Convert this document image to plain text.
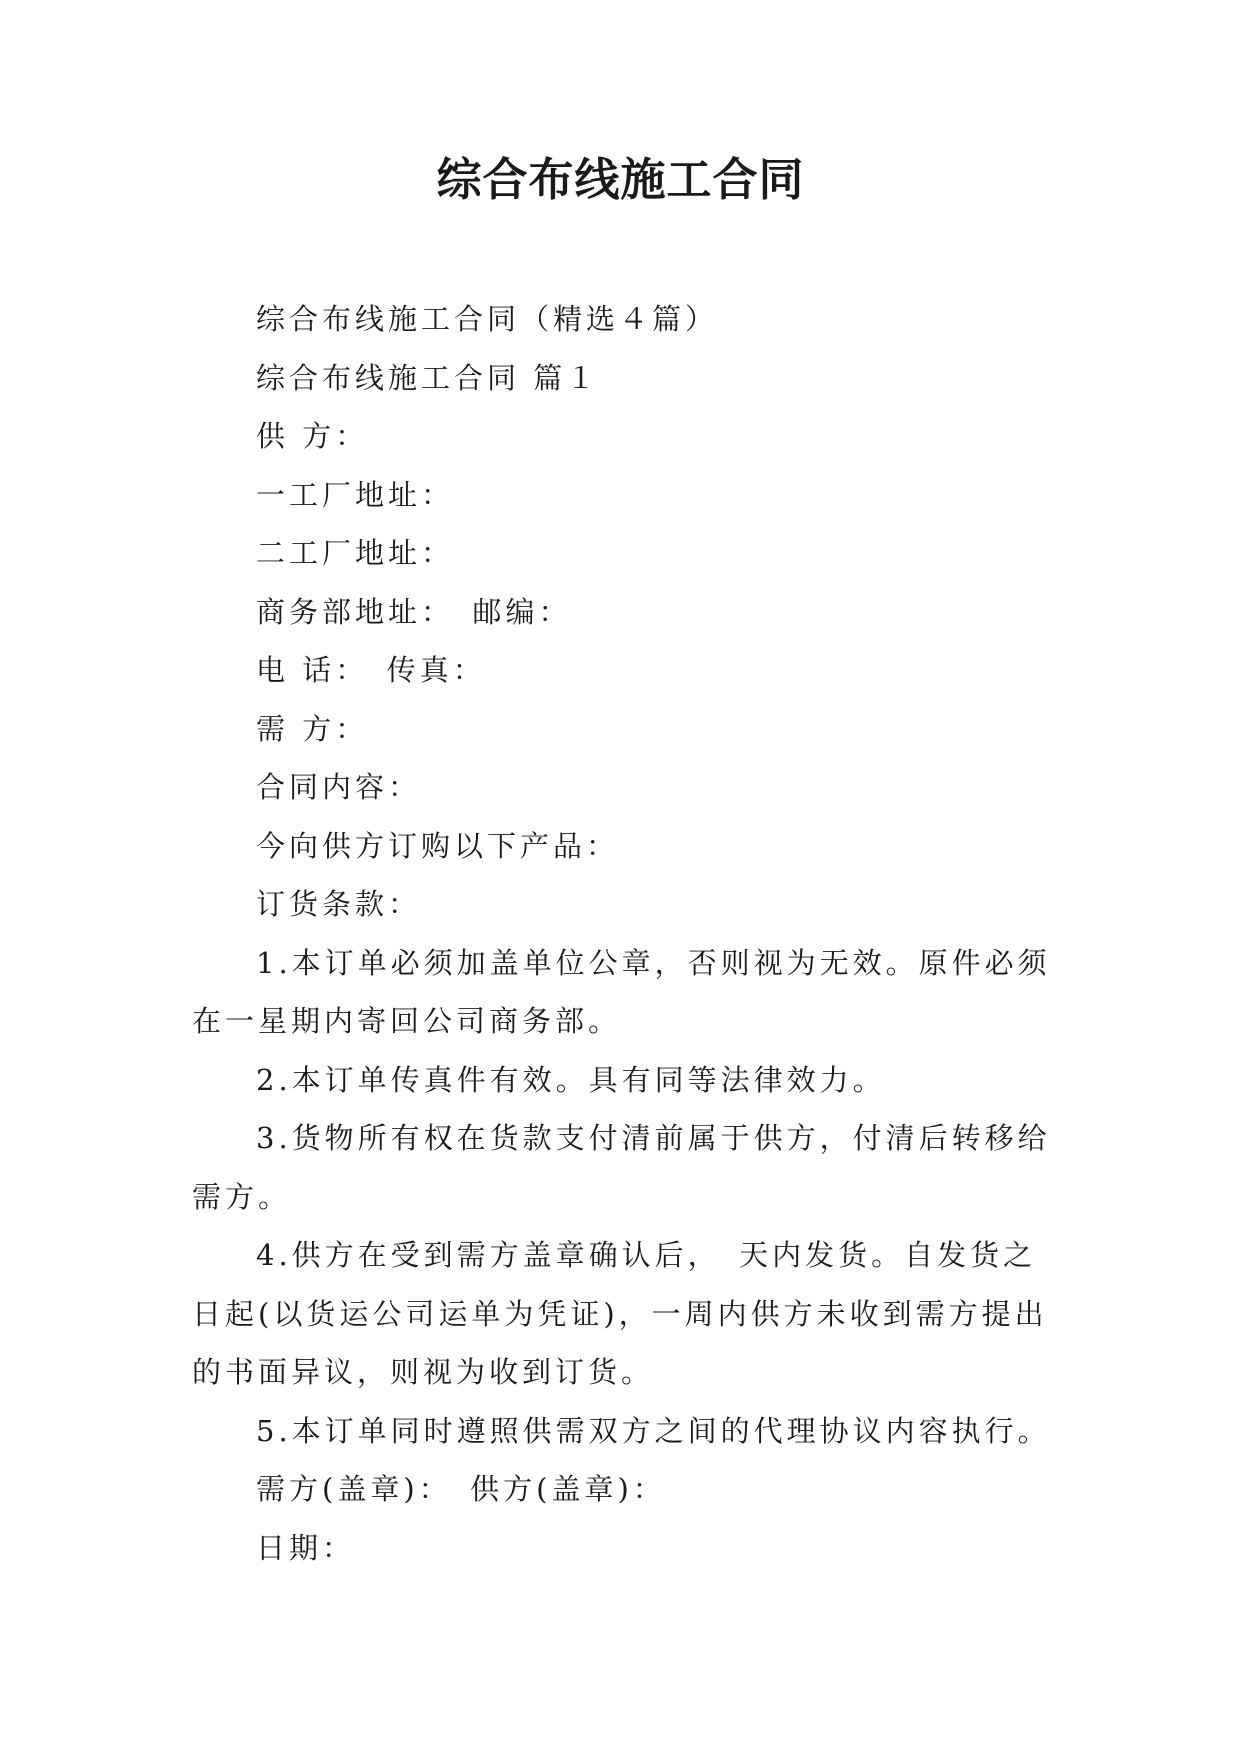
综合布线施工合同

综合布线施工合同（精选４篇）

综合布线施工合同 篇１

供 方：

一工厂地址：

二工厂地址：

商务部地址：　邮编：

电 话：　传真：

需 方：

合同内容：

今向供方订购以下产品：

订货条款：

1.本订单必须加盖单位公章，否则视为无效。原件必须

在一星期内寄回公司商务部。

2.本订单传真件有效。具有同等法律效力。

3.货物所有权在货款支付清前属于供方，付清后转移给

需方。

4.供方在受到需方盖章确认后，　天内发货。自发货之

日起(以货运公司运单为凭证)，一周内供方未收到需方提出

的书面异议，则视为收到订货。

5.本订单同时遵照供需双方之间的代理协议内容执行。

需方(盖章)：　供方(盖章)：

日期：
